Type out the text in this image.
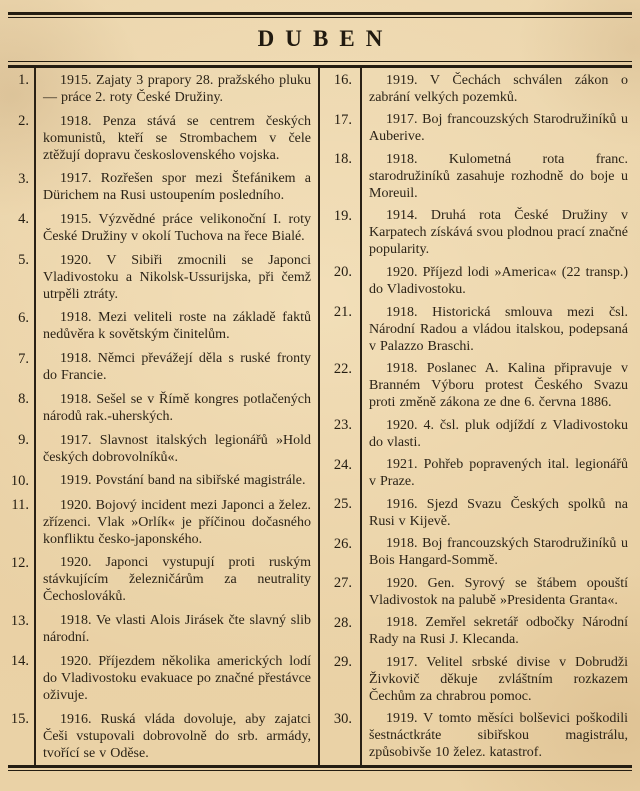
DUBEN
1.	1915. Zajaty 3 prapory 28. pražského pluku — práce 2. roty České Družiny.

2.	1918. Penza stává se centrem českých komunistů, kteří se Strombachem v čele ztěžují dopravu československého vojska.

3.	1917. Rozřešen spor mezi Štefánikem a Dürichem na Rusi ustoupením posledního.

4.	1915. Výzvědné práce velikonoční I. roty České Družiny v okolí Tuchova na řece Bialé.

5.	1920. V Sibiři zmocnili se Japonci Vladivostoku a Nikolsk-Ussurijska, při čemž utrpěli ztráty.

6.	1918. Mezi veliteli roste na základě faktů nedůvěra k sovětským činitelům.

7.	1918. Němci převážejí děla s ruské fronty do Francie.

8.	1918. Sešel se v Římě kongres potlačených národů rak.-uherských.

9.	1917. Slavnost italských legionářů »Hold českých dobrovolníků«.

10.	1919. Povstání band na sibiřské magistrále.

11.	1920. Bojový incident mezi Japonci a želez. zřízenci. Vlak »Orlík« je příčinou dočasného konfliktu česko-japonského.

12.	1920. Japonci vystupují proti ruským stávkujícím železničárům za neutrality Čechoslováků.

13.	1918. Ve vlasti Alois Jirásek čte slavný slib národní.

14.	1920. Příjezdem několika amerických lodí do Vladivostoku evakuace po značné přestávce oživuje.

15.	1916. Ruská vláda dovoluje, aby zajatci Češi vstupovali dobrovolně do srb. armády, tvořící se v Oděse.

16.	1919. V Čechách schválen zákon o zabrání velkých pozemků.

17.	1917. Boj francouzských Starodružiníků u Auberive.

18.	1918. Kulometná rota franc. starodružiníků zasahuje rozhodně do boje u Moreuil.

19.	1914. Druhá rota České Družiny v Karpatech získává svou plodnou prací značné popularity.

20.	1920. Příjezd lodi »America« (22 transp.) do Vladivostoku.

21.	1918. Historická smlouva mezi čsl. Národní Radou a vládou italskou, podepsaná v Palazzo Braschi.

22.	1918. Poslanec A. Kalina připravuje v Branném Výboru protest Českého Svazu proti změně zákona ze dne 6. června 1886.

23.	1920. 4. čsl. pluk odjíždí z Vladivostoku do vlasti.

24.	1921. Pohřeb popravených ital. legionářů v Praze.

25.	1916. Sjezd Svazu Českých spolků na Rusi v Kijevě.

26.	1918. Boj francouzských Starodružiníků u Bois Hangard-Sommě.

27.	1920. Gen. Syrový se štábem opouští Vladivostok na palubě »Presidenta Granta«.

28.	1918. Zemřel sekretář odbočky Národní Rady na Rusi J. Klecanda.

29.	1917. Velitel srbské divise v Dobrudži Živkovič děkuje zvláštním rozkazem Čechům za chrabrou pomoc.

30.	1919. V tomto měsíci bolševici poškodili šestnáctkráte sibiřskou magistrálu, způsobivše 10 želez. katastrof.
